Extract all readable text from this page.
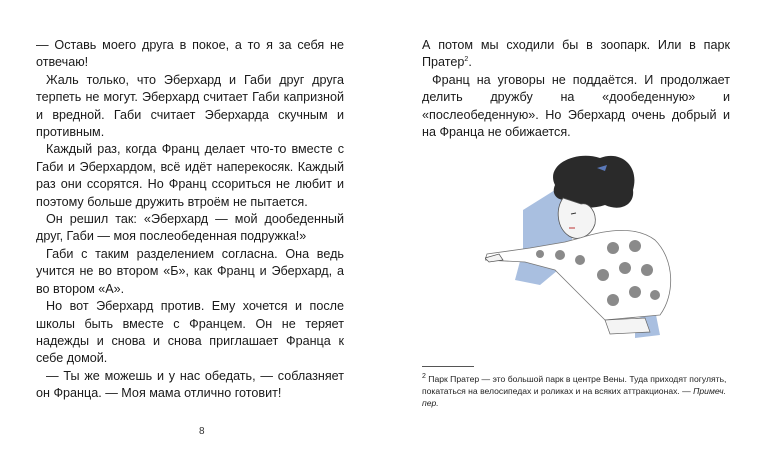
— Оставь моего друга в покое, а то я за себя не отвечаю!

Жаль только, что Эберхард и Габи друг друга терпеть не могут. Эберхард считает Габи капризной и вредной. Габи считает Эберхарда скучным и противным.

Каждый раз, когда Франц делает что-то вместе с Габи и Эберхардом, всё идёт наперекосяк. Каждый раз они ссорятся. Но Франц ссориться не любит и поэтому больше дружить втроём не пытается.

Он решил так: «Эберхард — мой дообеденный друг, Габи — моя послеобеденная подружка!»

Габи с таким разделением согласна. Она ведь учится не во втором «Б», как Франц и Эберхард, а во втором «А».

Но вот Эберхард против. Ему хочется и после школы быть вместе с Францем. Он не теряет надежды и снова и снова приглашает Франца к себе домой.

— Ты же можешь и у нас обедать, — соблазняет он Франца. — Моя мама отлично готовит!

8

А потом мы сходили бы в зоопарк. Или в парк Пратер$^2$.

Франц на уговоры не поддаётся. И продолжает делить дружбу на «дообеденную» и «послеобеденную». Но Эберхард очень добрый и на Франца не обижается.

$^2$ Парк Пратер — это большой парк в центре Вены. Туда приходят погулять, покататься на велосипедах и роликах и на всяких аттракционах. — Примеч. пер.
